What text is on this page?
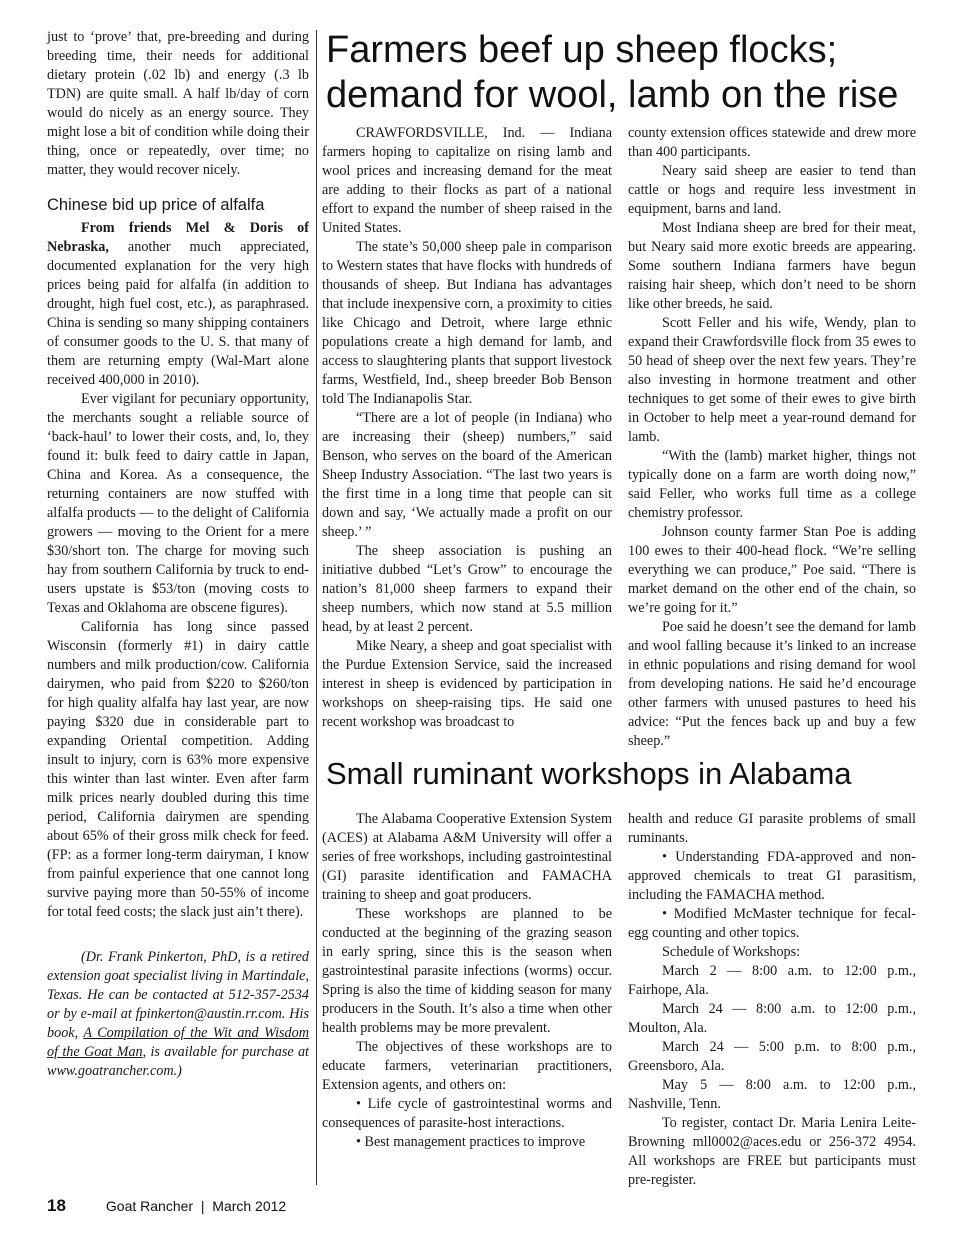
just to ‘prove’ that, pre-breeding and during breeding time, their needs for additional dietary protein (.02 lb) and energy (.3 lb TDN) are quite small. A half lb/day of corn would do nicely as an energy source. They might lose a bit of condition while doing their thing, once or repeatedly, over time; no matter, they would recover nicely.

Chinese bid up price of alfalfa

From friends Mel & Doris of Nebraska, another much appreciated, documented explanation for the very high prices being paid for alfalfa (in addition to drought, high fuel cost, etc.), as paraphrased. China is sending so many shipping containers of consumer goods to the U. S. that many of them are returning empty (Wal-Mart alone received 400,000 in 2010).

Ever vigilant for pecuniary opportunity, the merchants sought a reliable source of ‘back-haul’ to lower their costs, and, lo, they found it: bulk feed to dairy cattle in Japan, China and Korea. As a consequence, the returning containers are now stuffed with alfalfa products — to the delight of California growers — moving to the Orient for a mere $30/short ton. The charge for moving such hay from southern California by truck to end-users upstate is $53/ton (moving costs to Texas and Oklahoma are obscene figures).

California has long since passed Wisconsin (formerly #1) in dairy cattle numbers and milk production/cow. California dairymen, who paid from $220 to $260/ton for high quality alfalfa hay last year, are now paying $320 due in considerable part to expanding Oriental competition. Adding insult to injury, corn is 63% more expensive this winter than last winter. Even after farm milk prices nearly doubled during this time period, California dairymen are spending about 65% of their gross milk check for feed. (FP: as a former long-term dairyman, I know from painful experience that one cannot long survive paying more than 50-55% of income for total feed costs; the slack just ain’t there).

(Dr. Frank Pinkerton, PhD, is a retired extension goat specialist living in Martindale, Texas. He can be contacted at 512-357-2534 or by e-mail at fpinkerton@austin.rr.com. His book, A Compilation of the Wit and Wisdom of the Goat Man, is available for purchase at www.goatrancher.com.)

Farmers beef up sheep flocks; demand for wool, lamb on the rise

CRAWFORDSVILLE, Ind. — Indiana farmers hoping to capitalize on rising lamb and wool prices and increasing demand for the meat are adding to their flocks as part of a national effort to expand the number of sheep raised in the United States.

The state’s 50,000 sheep pale in comparison to Western states that have flocks with hundreds of thousands of sheep. But Indiana has advantages that include inexpensive corn, a proximity to cities like Chicago and Detroit, where large ethnic populations create a high demand for lamb, and access to slaughtering plants that support livestock farms, Westfield, Ind., sheep breeder Bob Benson told The Indianapolis Star.

“There are a lot of people (in Indiana) who are increasing their (sheep) numbers,” said Benson, who serves on the board of the American Sheep Industry Association. “The last two years is the first time in a long time that people can sit down and say, ‘We actually made a profit on our sheep.’ ”

The sheep association is pushing an initiative dubbed “Let’s Grow” to encourage the nation’s 81,000 sheep farmers to expand their sheep numbers, which now stand at 5.5 million head, by at least 2 percent.

Mike Neary, a sheep and goat specialist with the Purdue Extension Service, said the increased interest in sheep is evidenced by participation in workshops on sheep-raising tips. He said one recent workshop was broadcast to

county extension offices statewide and drew more than 400 participants.

Neary said sheep are easier to tend than cattle or hogs and require less investment in equipment, barns and land.

Most Indiana sheep are bred for their meat, but Neary said more exotic breeds are appearing. Some southern Indiana farmers have begun raising hair sheep, which don’t need to be shorn like other breeds, he said.

Scott Feller and his wife, Wendy, plan to expand their Crawfordsville flock from 35 ewes to 50 head of sheep over the next few years. They’re also investing in hormone treatment and other techniques to get some of their ewes to give birth in October to help meet a year-round demand for lamb.

“With the (lamb) market higher, things not typically done on a farm are worth doing now,” said Feller, who works full time as a college chemistry professor.

Johnson county farmer Stan Poe is adding 100 ewes to their 400-head flock. “We’re selling everything we can produce,” Poe said. “There is market demand on the other end of the chain, so we’re going for it.”

Poe said he doesn’t see the demand for lamb and wool falling because it’s linked to an increase in ethnic populations and rising demand for wool from developing nations. He said he’d encourage other farmers with unused pastures to heed his advice: “Put the fences back up and buy a few sheep.”

Small ruminant workshops in Alabama

The Alabama Cooperative Extension System (ACES) at Alabama A&M University will offer a series of free workshops, including gastrointestinal (GI) parasite identification and FAMACHA training to sheep and goat producers.

These workshops are planned to be conducted at the beginning of the grazing season in early spring, since this is the season when gastrointestinal parasite infections (worms) occur. Spring is also the time of kidding season for many producers in the South. It’s also a time when other health problems may be more prevalent.

The objectives of these workshops are to educate farmers, veterinarian practitioners, Extension agents, and others on:

• Life cycle of gastrointestinal worms and consequences of parasite-host interactions.

• Best management practices to improve

health and reduce GI parasite problems of small ruminants.

• Understanding FDA-approved and non-approved chemicals to treat GI parasitism, including the FAMACHA method.

• Modified McMaster technique for fecal-egg counting and other topics.

Schedule of Workshops:

March 2 — 8:00 a.m. to 12:00 p.m., Fairhope, Ala.

March 24 — 8:00 a.m. to 12:00 p.m., Moulton, Ala.

March 24 — 5:00 p.m. to 8:00 p.m., Greensboro, Ala.

May 5 — 8:00 a.m. to 12:00 p.m., Nashville, Tenn.

To register, contact Dr. Maria Lenira Leite-Browning mll0002@aces.edu or 256-372 4954. All workshops are FREE but participants must pre-register.

18	Goat Rancher  |  March 2012
